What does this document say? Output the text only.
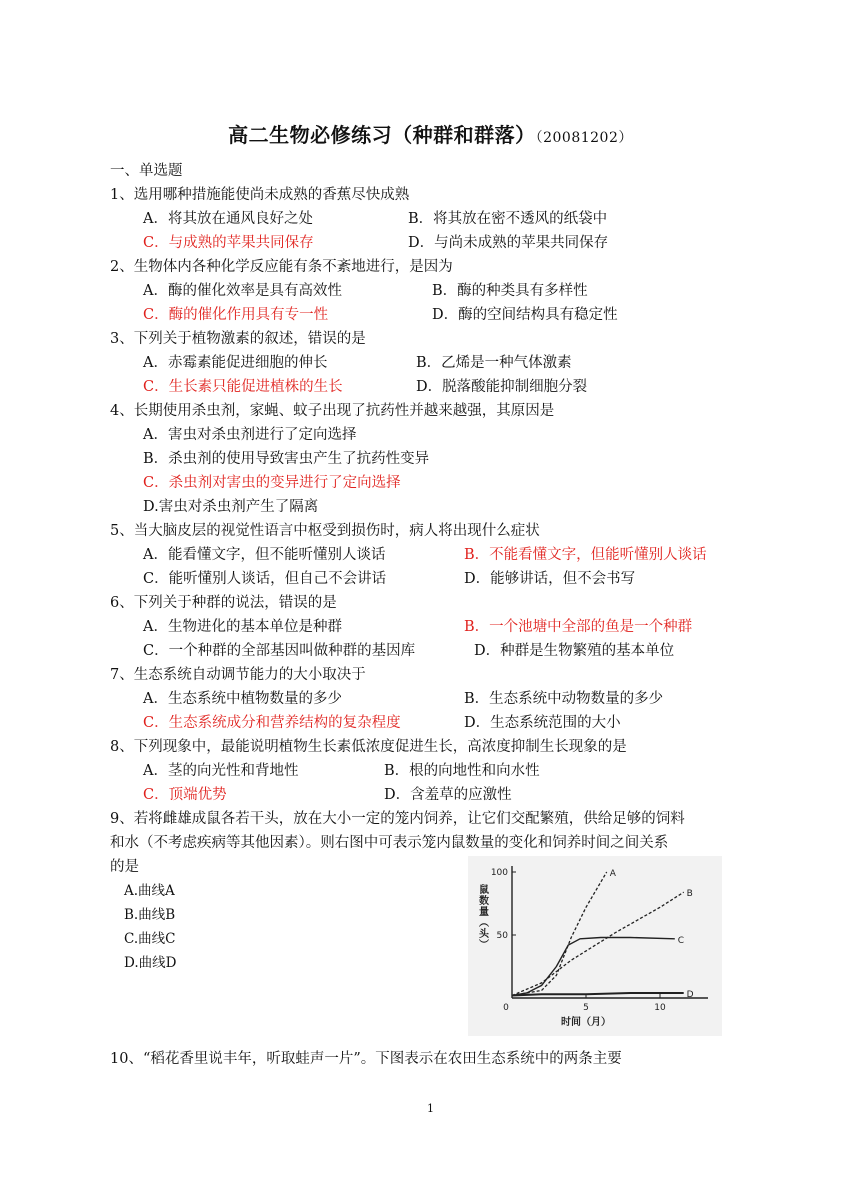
高二生物必修练习（种群和群落）（20081202）
一、单选题
1、选用哪种措施能使尚未成熟的香蕉尽快成熟
A．将其放在通风良好之处	B．将其放在密不透风的纸袋中
C．与成熟的苹果共同保存	D．与尚未成熟的苹果共同保存
2、生物体内各种化学反应能有条不紊地进行，是因为
A．酶的催化效率是具有高效性	B．酶的种类具有多样性
C．酶的催化作用具有专一性	D．酶的空间结构具有稳定性
3、下列关于植物激素的叙述，错误的是
A．赤霉素能促进细胞的伸长	B．乙烯是一种气体激素
C．生长素只能促进植株的生长	D．脱落酸能抑制细胞分裂
4、长期使用杀虫剂，家蝇、蚊子出现了抗药性并越来越强，其原因是
A．害虫对杀虫剂进行了定向选择
B．杀虫剂的使用导致害虫产生了抗药性变异
C．杀虫剂对害虫的变异进行了定向选择
D.害虫对杀虫剂产生了隔离
5、当大脑皮层的视觉性语言中枢受到损伤时，病人将出现什么症状
A．能看懂文字，但不能听懂别人谈话	B．不能看懂文字，但能听懂别人谈话
C．能听懂别人谈话，但自己不会讲话	D．能够讲话，但不会书写
6、下列关于种群的说法，错误的是
A．生物进化的基本单位是种群	B．一个池塘中全部的鱼是一个种群
C．一个种群的全部基因叫做种群的基因库	D．种群是生物繁殖的基本单位
7、生态系统自动调节能力的大小取决于
A．生态系统中植物数量的多少	B．生态系统中动物数量的多少
C．生态系统成分和营养结构的复杂程度	D．生态系统范围的大小
8、下列现象中，最能说明植物生长素低浓度促进生长，高浓度抑制生长现象的是
A．茎的向光性和背地性	B．根的向地性和向水性
C．顶端优势	D．含羞草的应激性
9、若将雌雄成鼠各若干头，放在大小一定的笼内饲养，让它们交配繁殖，供给足够的饲料
和水（不考虑疾病等其他因素）。则右图中可表示笼内鼠数量的变化和饲养时间之间关系
的是
A.曲线A
B.曲线B
C.曲线C
D.曲线D
50
100
0	5	10
鼠数量（头）
时间（月）
A
B
C
D
10、“稻花香里说丰年，听取蛙声一片”。下图表示在农田生态系统中的两条主要
1
